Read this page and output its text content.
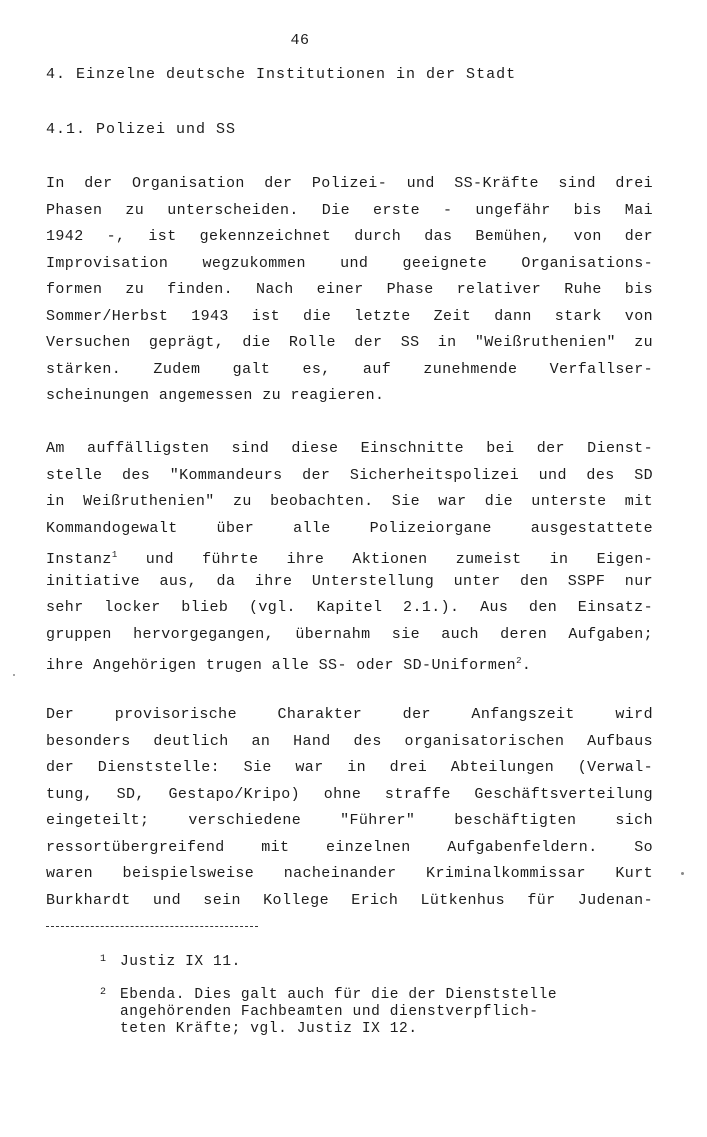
46
4. Einzelne deutsche Institutionen in der Stadt
4.1. Polizei und SS
In der Organisation der Polizei- und SS-Kräfte sind drei
Phasen zu unterscheiden. Die erste - ungefähr bis Mai
1942 -, ist gekennzeichnet durch das Bemühen, von der
Improvisation wegzukommen und geeignete Organisations-
formen zu finden. Nach einer Phase relativer Ruhe bis
Sommer/Herbst 1943 ist die letzte Zeit dann stark von
Versuchen geprägt, die Rolle der SS in "Weißruthenien" zu
stärken. Zudem galt es, auf zunehmende Verfallser-
scheinungen angemessen zu reagieren.
Am auffälligsten sind diese Einschnitte bei der Dienst-
stelle des "Kommandeurs der Sicherheitspolizei und des SD
in Weißruthenien" zu beobachten. Sie war die unterste mit
Kommandogewalt über alle Polizeiorgane ausgestattete
Instanz$^1$ und führte ihre Aktionen zumeist in Eigen-
initiative aus, da ihre Unterstellung unter den SSPF nur
sehr locker blieb (vgl. Kapitel 2.1.). Aus den Einsatz-
gruppen hervorgegangen, übernahm sie auch deren Aufgaben;
ihre Angehörigen trugen alle SS- oder SD-Uniformen$^2$.
Der provisorische Charakter der Anfangszeit wird
besonders deutlich an Hand des organisatorischen Aufbaus
der Dienststelle: Sie war in drei Abteilungen (Verwal-
tung, SD, Gestapo/Kripo) ohne straffe Geschäftsverteilung
eingeteilt; verschiedene "Führer" beschäftigten sich
ressortübergreifend mit einzelnen Aufgabenfeldern. So
waren beispielsweise nacheinander Kriminalkommissar Kurt
Burkhardt und sein Kollege Erich Lütkenhus für Judenan-
1 Justiz IX 11.
2 Ebenda. Dies galt auch für die der Dienststelle
angehörenden Fachbeamten und dienstverpflich-
teten Kräfte; vgl. Justiz IX 12.
